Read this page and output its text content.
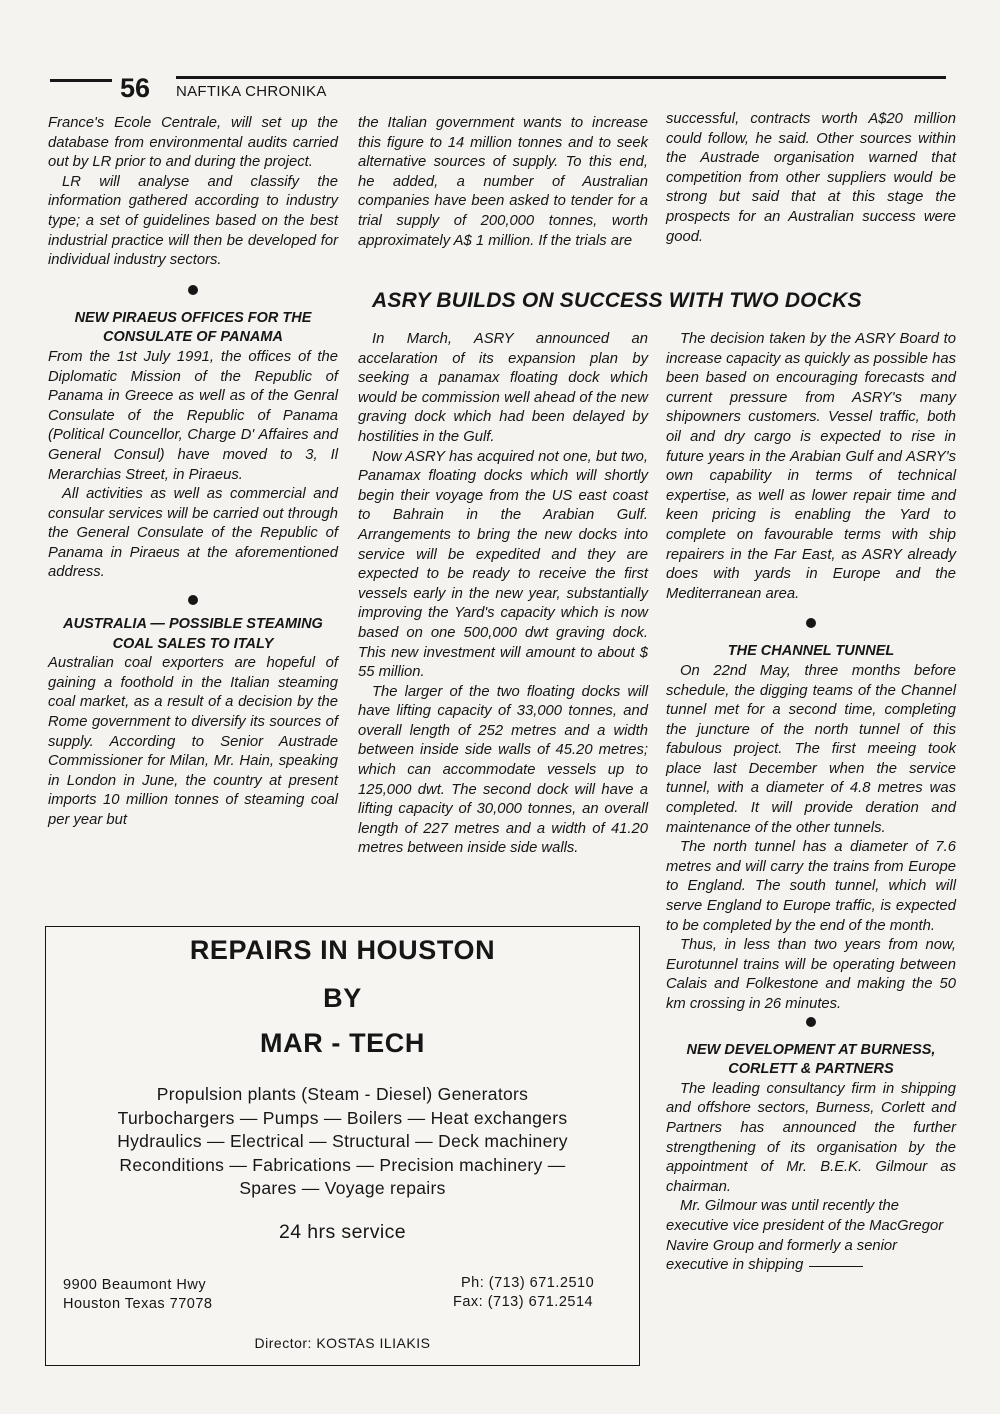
56 NAFTIKA CHRONIKA

France's Ecole Centrale, will set up the database from environmental audits carried out by LR prior to and during the project.

LR will analyse and classify the information gathered according to industry type; a set of guidelines based on the best industrial practice will then be developed for individual industry sectors.

NEW PIRAEUS OFFICES FOR THE CONSULATE OF PANAMA

From the 1st July 1991, the offices of the Diplomatic Mission of the Republic of Panama in Greece as well as of the Genral Consulate of the Republic of Panama (Political Councellor, Charge D' Affaires and General Consul) have moved to 3, Il Merarchias Street, in Piraeus.

All activities as well as commercial and consular services will be carried out through the General Consulate of the Republic of Panama in Piraeus at the aforementioned address.

AUSTRALIA — POSSIBLE STEAMING COAL SALES TO ITALY

Australian coal exporters are hopeful of gaining a foothold in the Italian steaming coal market, as a result of a decision by the Rome government to diversify its sources of supply. According to Senior Austrade Commissioner for Milan, Mr. Hain, speaking in London in June, the country at present imports 10 million tonnes of steaming coal per year but

the Italian government wants to increase this figure to 14 million tonnes and to seek alternative sources of supply. To this end, he added, a number of Australian companies have been asked to tender for a trial supply of 200,000 tonnes, worth approximately A$ 1 million. If the trials are

successful, contracts worth A$20 million could follow, he said. Other sources within the Austrade organisation warned that competition from other suppliers would be strong but said that at this stage the prospects for an Australian success were good.

ASRY BUILDS ON SUCCESS WITH TWO DOCKS

In March, ASRY announced an accelaration of its expansion plan by seeking a panamax floating dock which would be commission well ahead of the new graving dock which had been delayed by hostilities in the Gulf.

Now ASRY has acquired not one, but two, Panamax floating docks which will shortly begin their voyage from the US east coast to Bahrain in the Arabian Gulf. Arrangements to bring the new docks into service will be expedited and they are expected to be ready to receive the first vessels early in the new year, substantially improving the Yard's capacity which is now based on one 500,000 dwt graving dock. This new investment will amount to about $ 55 million.

The larger of the two floating docks will have lifting capacity of 33,000 tonnes, and overall length of 252 metres and a width between inside side walls of 45.20 metres; which can accommodate vessels up to 125,000 dwt. The second dock will have a lifting capacity of 30,000 tonnes, an overall length of 227 metres and a width of 41.20 metres between inside side walls.

The decision taken by the ASRY Board to increase capacity as quickly as possible has been based on encouraging forecasts and current pressure from ASRY's many shipowners customers. Vessel traffic, both oil and dry cargo is expected to rise in future years in the Arabian Gulf and ASRY's own capability in terms of technical expertise, as well as lower repair time and keen pricing is enabling the Yard to complete on favourable terms with ship repairers in the Far East, as ASRY already does with yards in Europe and the Mediterranean area.

THE CHANNEL TUNNEL

On 22nd May, three months before schedule, the digging teams of the Channel tunnel met for a second time, completing the juncture of the north tunnel of this fabulous project. The first meeing took place last December when the service tunnel, with a diameter of 4.8 metres was completed. It will provide deration and maintenance of the other tunnels.

The north tunnel has a diameter of 7.6 metres and will carry the trains from Europe to England. The south tunnel, which will serve England to Europe traffic, is expected to be completed by the end of the month.

Thus, in less than two years from now, Eurotunnel trains will be operating between Calais and Folkestone and making the 50 km crossing in 26 minutes.

NEW DEVELOPMENT AT BURNESS, CORLETT & PARTNERS

The leading consultancy firm in shipping and offshore sectors, Burness, Corlett and Partners has announced the further strengthening of its organisation by the appointment of Mr. B.E.K. Gilmour as chairman.

Mr. Gilmour was until recently the executive vice president of the MacGregor Navire Group and formerly a senior executive in shipping

REPAIRS IN HOUSTON
BY
MAR - TECH
Propulsion plants (Steam - Diesel) Generators
Turbochargers — Pumps — Boilers — Heat exchangers
Hydraulics — Electrical — Structural — Deck machinery
Reconditions — Fabrications — Precision machinery —
Spares — Voyage repairs
24 hrs service
9900 Beaumont Hwy
Houston Texas 77078
Ph: (713) 671.2510
Fax: (713) 671.2514
Director: KOSTAS ILIAKIS
